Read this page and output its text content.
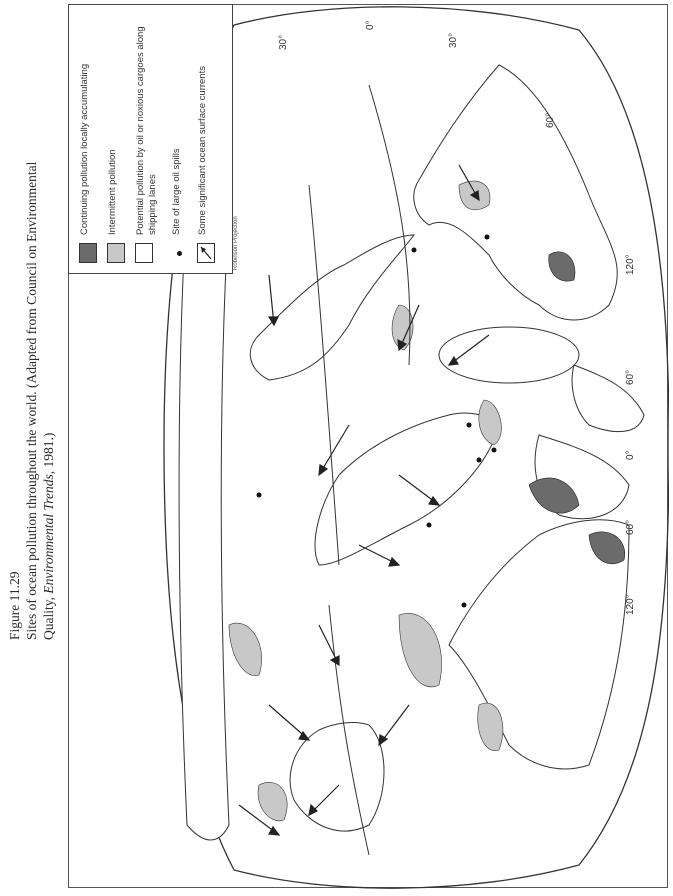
Figure 11.29 Sites of ocean pollution throughout the world. (Adapted from Council on Environmental Quality, Environmental Trends, 1981.)
120°
60°
0°
60°
120°
30°
0°
30°
60°
Continuing pollution locally accumulating Intermittent pollution Potential pollution by oil or noxious cargoes along shipping lanes Site of large oil spills Some significant ocean surface currents
Robinson Projection
